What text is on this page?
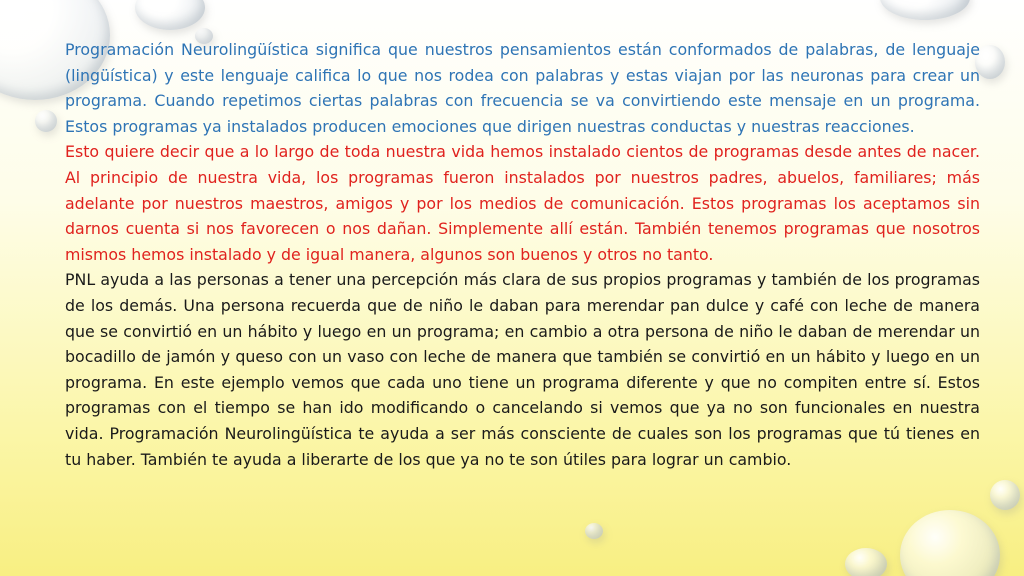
Programación Neurolingüística significa que nuestros pensamientos están conformados de palabras, de lenguaje (lingüística) y este lenguaje califica lo que nos rodea con palabras y estas viajan por las neuronas para crear un programa. Cuando repetimos ciertas palabras con frecuencia se va convirtiendo este mensaje en un programa. Estos programas ya instalados producen emociones que dirigen nuestras conductas y nuestras reacciones.

Esto quiere decir que a lo largo de toda nuestra vida hemos instalado cientos de programas desde antes de nacer. Al principio de nuestra vida, los programas fueron instalados por nuestros padres, abuelos, familiares; más adelante por nuestros maestros, amigos y por los medios de comunicación. Estos programas los aceptamos sin darnos cuenta si nos favorecen o nos dañan. Simplemente allí están. También tenemos programas que nosotros mismos hemos instalado y de igual manera, algunos son buenos y otros no tanto.

PNL ayuda a las personas a tener una percepción más clara de sus propios programas y también de los programas de los demás. Una persona recuerda que de niño le daban para merendar pan dulce y café con leche de manera que se convirtió en un hábito y luego en un programa; en cambio a otra persona de niño le daban de merendar un bocadillo de jamón y queso con un vaso con leche de manera que también se convirtió en un hábito y luego en un programa. En este ejemplo vemos que cada uno tiene un programa diferente y que no compiten entre sí. Estos programas con el tiempo se han ido modificando o cancelando si vemos que ya no son funcionales en nuestra vida. Programación Neurolingüística te ayuda a ser más consciente de cuales son los programas que tú tienes en tu haber. También te ayuda a liberarte de los que ya no te son útiles para lograr un cambio.
